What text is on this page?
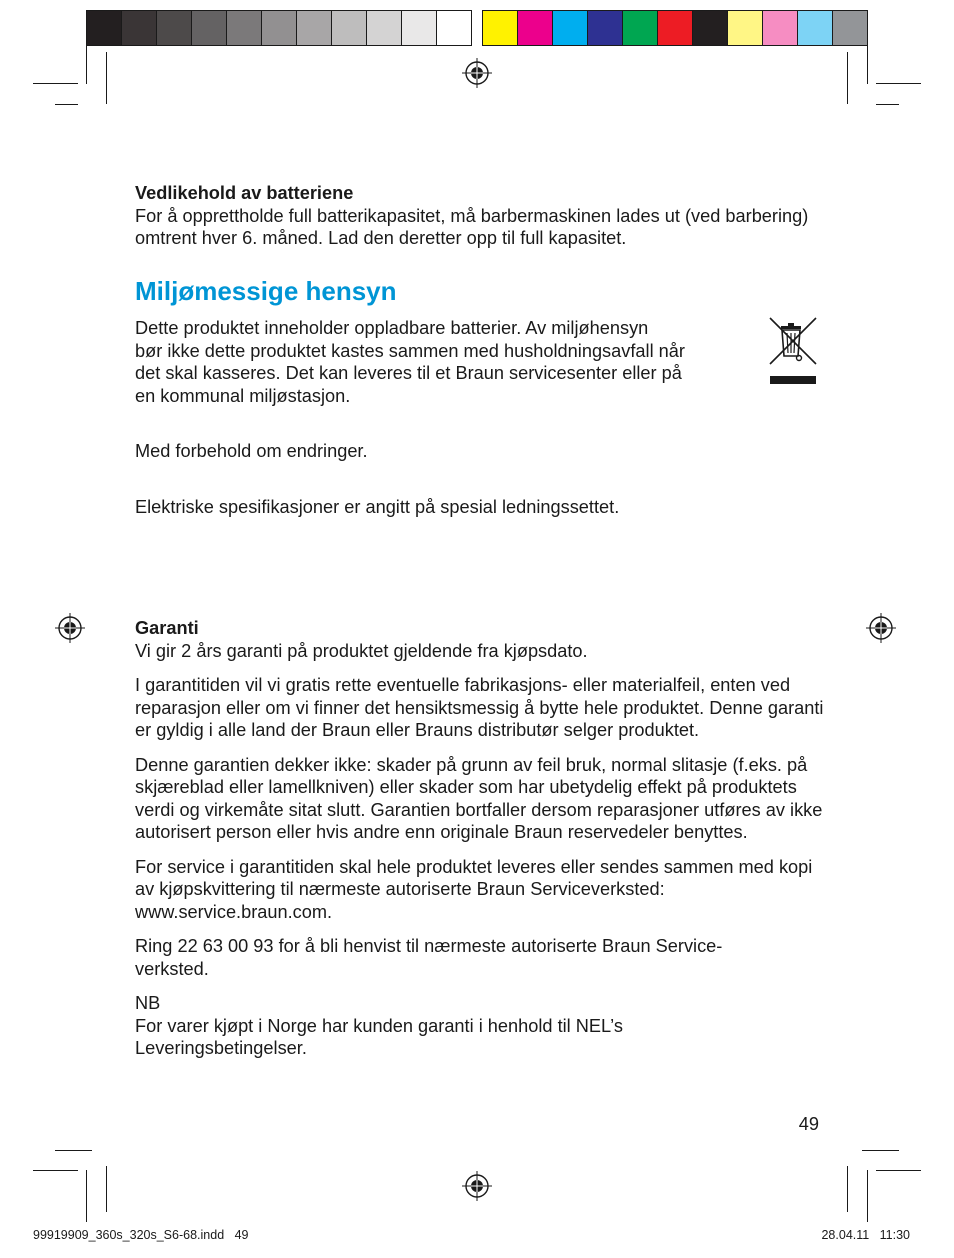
Vedlikehold av batteriene

For å opprettholde full batterikapasitet, må barbermaskinen lades ut (ved barbering) omtrent hver 6. måned. Lad den deretter opp til full kapasitet.

Miljømessige hensyn

Dette produktet inneholder oppladbare batterier. Av miljøhensyn

bør ikke dette produktet kastes sammen med husholdningsavfall når

det skal kasseres. Det kan leveres til et Braun servicesenter eller på

en kommunal miljøstasjon.

Med forbehold om endringer.
Elektriske spesifikasjoner er angitt på spesial ledningssettet.

Garanti

Vi gir 2 års garanti på produktet gjeldende fra kjøpsdato.

I garantitiden vil vi gratis rette eventuelle fabrikasjons- eller materialfeil, enten ved reparasjon eller om vi finner det hensiktsmessig å bytte hele produktet. Denne garanti er gyldig i alle land der Braun eller Brauns distributør selger produktet.

Denne garantien dekker ikke: skader på grunn av feil bruk, normal slitasje (f.eks. på skjæreblad eller lamellkniven) eller skader som har ubetydelig effekt på produktets verdi og virkemåte sitat slutt. Garantien bortfaller dersom reparasjoner utføres av ikke autorisert person eller hvis andre enn originale Braun reservedeler benyttes.

For service i garantitiden skal hele produktet leveres eller sendes sammen med kopi av kjøpskvittering til nærmeste autoriserte Braun Serviceverksted: www.service.braun.com.

Ring 22 63 00 93 for å bli henvist til nærmeste autoriserte Braun Service-verksted.

NB

For varer kjøpt i Norge har kunden garanti i henhold til NEL’s Leveringsbetingelser.

49
99919909_360s_320s_S6-68.indd   49	28.04.11   11:30
